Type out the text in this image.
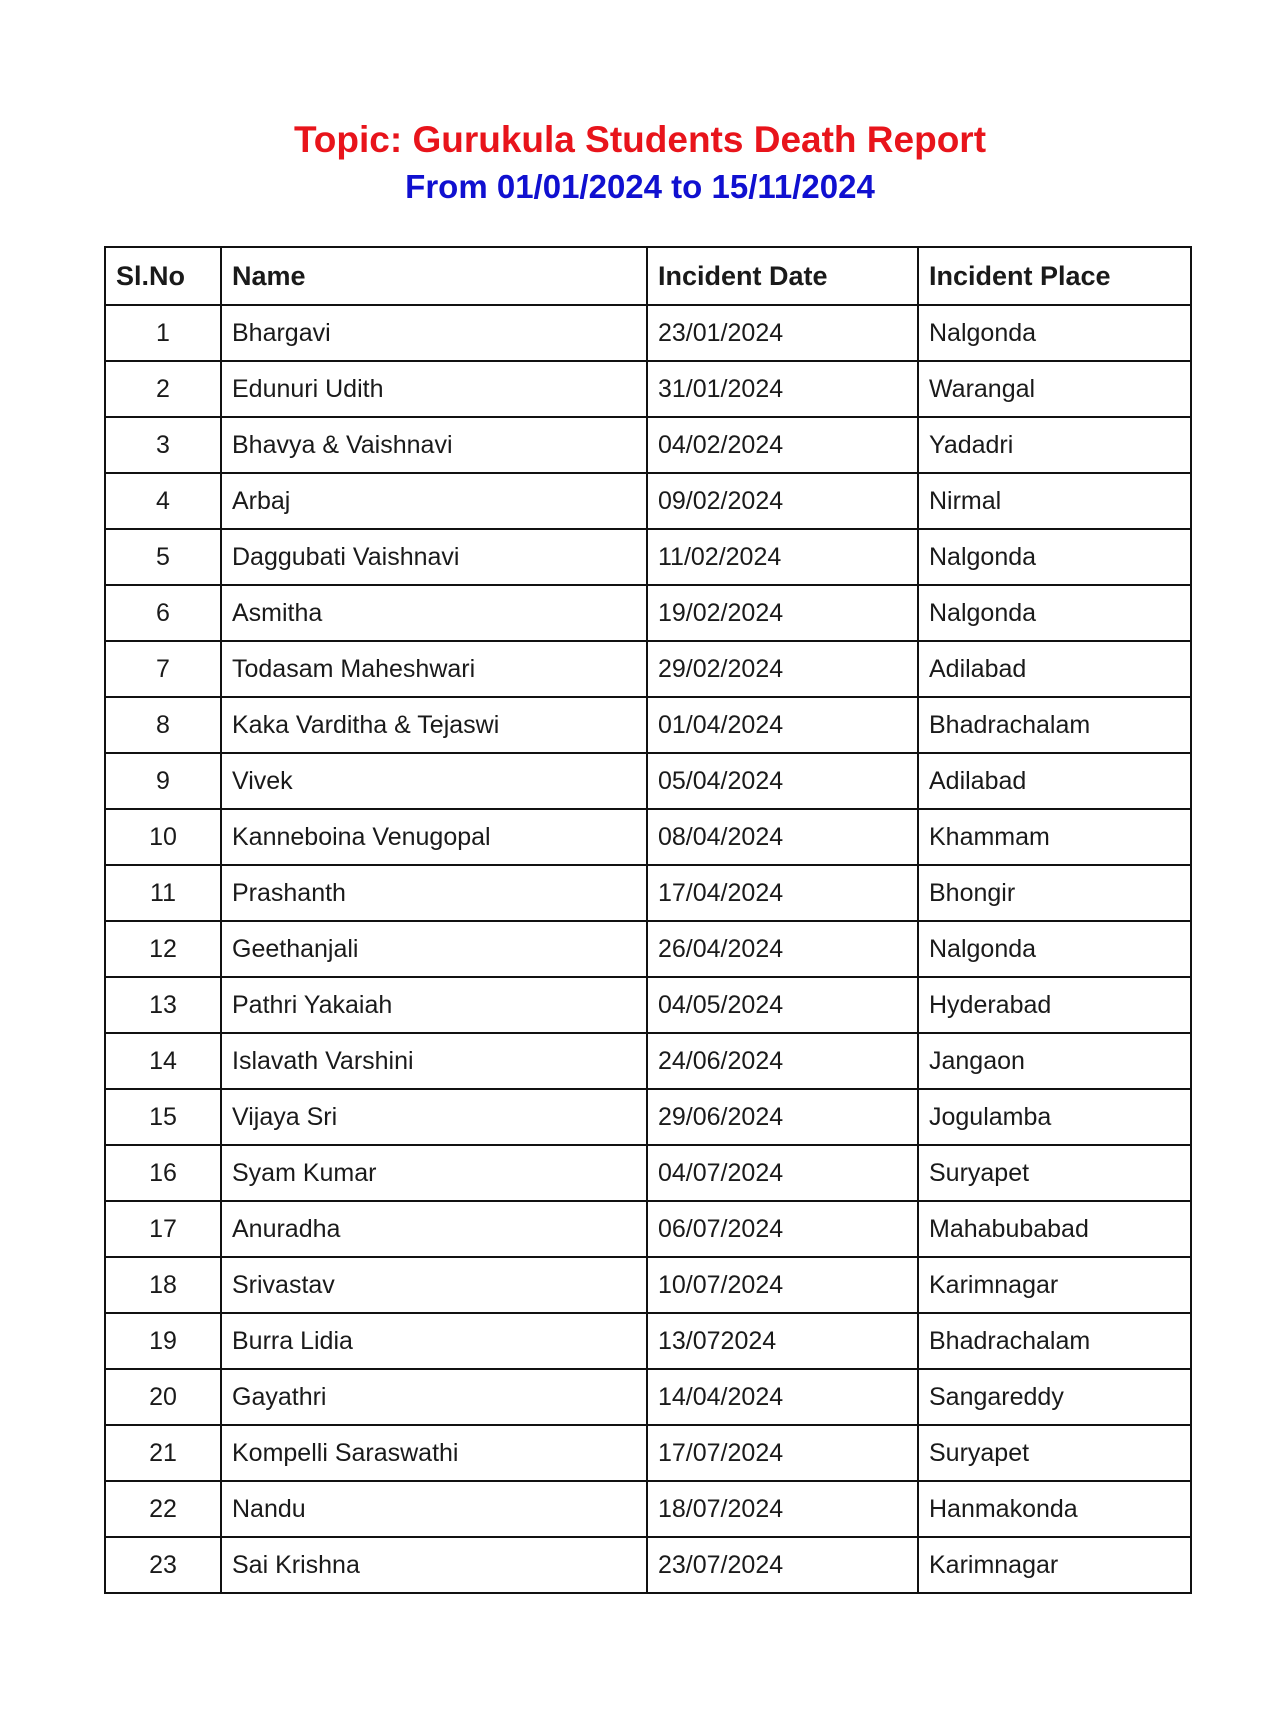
Topic: Gurukula Students Death Report
From 01/01/2024 to 15/11/2024
Sl.No	Name	Incident Date	Incident Place
1	Bhargavi	23/01/2024	Nalgonda
2	Edunuri Udith	31/01/2024	Warangal
3	Bhavya & Vaishnavi	04/02/2024	Yadadri
4	Arbaj	09/02/2024	Nirmal
5	Daggubati Vaishnavi	11/02/2024	Nalgonda
6	Asmitha	19/02/2024	Nalgonda
7	Todasam Maheshwari	29/02/2024	Adilabad
8	Kaka Varditha & Tejaswi	01/04/2024	Bhadrachalam
9	Vivek	05/04/2024	Adilabad
10	Kanneboina Venugopal	08/04/2024	Khammam
11	Prashanth	17/04/2024	Bhongir
12	Geethanjali	26/04/2024	Nalgonda
13	Pathri Yakaiah	04/05/2024	Hyderabad
14	Islavath Varshini	24/06/2024	Jangaon
15	Vijaya Sri	29/06/2024	Jogulamba
16	Syam Kumar	04/07/2024	Suryapet
17	Anuradha	06/07/2024	Mahabubabad
18	Srivastav	10/07/2024	Karimnagar
19	Burra Lidia	13/072024	Bhadrachalam
20	Gayathri	14/04/2024	Sangareddy
21	Kompelli Saraswathi	17/07/2024	Suryapet
22	Nandu	18/07/2024	Hanmakonda
23	Sai Krishna	23/07/2024	Karimnagar
